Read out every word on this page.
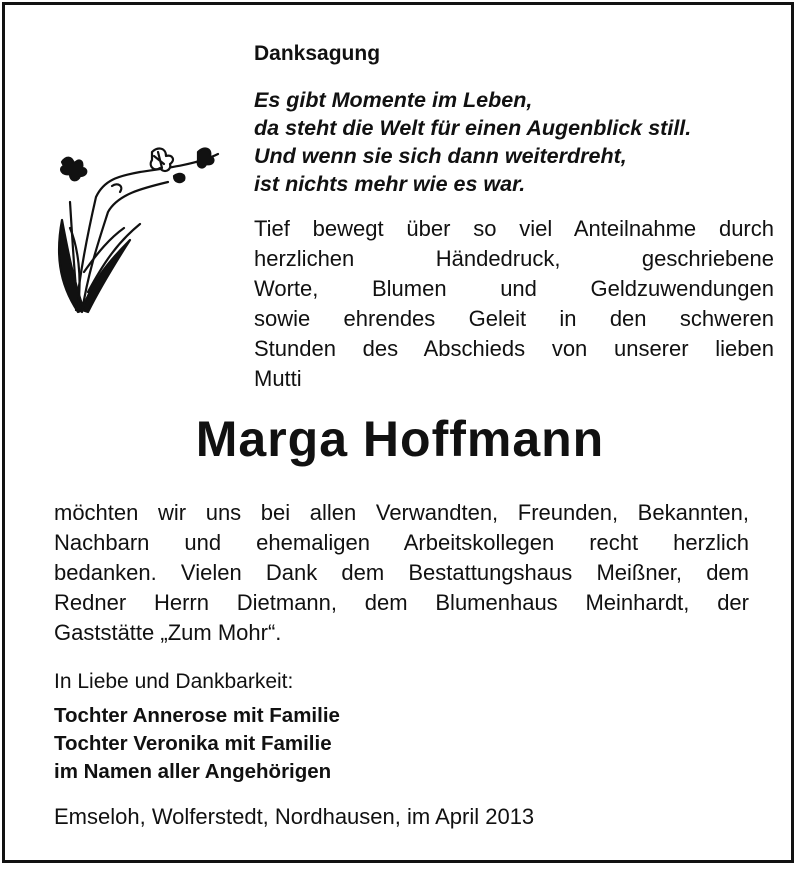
Danksagung
Es gibt Momente im Leben,
da steht die Welt für einen Augenblick still.
Und wenn sie sich dann weiterdreht,
ist nichts mehr wie es war.
Tief bewegt über so viel Anteilnahme durch
herzlichen Händedruck, geschriebene
Worte, Blumen und Geldzuwendungen
sowie ehrendes Geleit in den schweren
Stunden des Abschieds von unserer lieben
Mutti
Marga Hoffmann
möchten wir uns bei allen Verwandten, Freunden, Bekannten,
Nachbarn und ehemaligen Arbeitskollegen recht herzlich
bedanken. Vielen Dank dem Bestattungshaus Meißner, dem
Redner Herrn Dietmann, dem Blumenhaus Meinhardt, der
Gaststätte „Zum Mohr“.
In Liebe und Dankbarkeit:
Tochter Annerose mit Familie
Tochter Veronika mit Familie
im Namen aller Angehörigen
Emseloh, Wolferstedt, Nordhausen, im April 2013
